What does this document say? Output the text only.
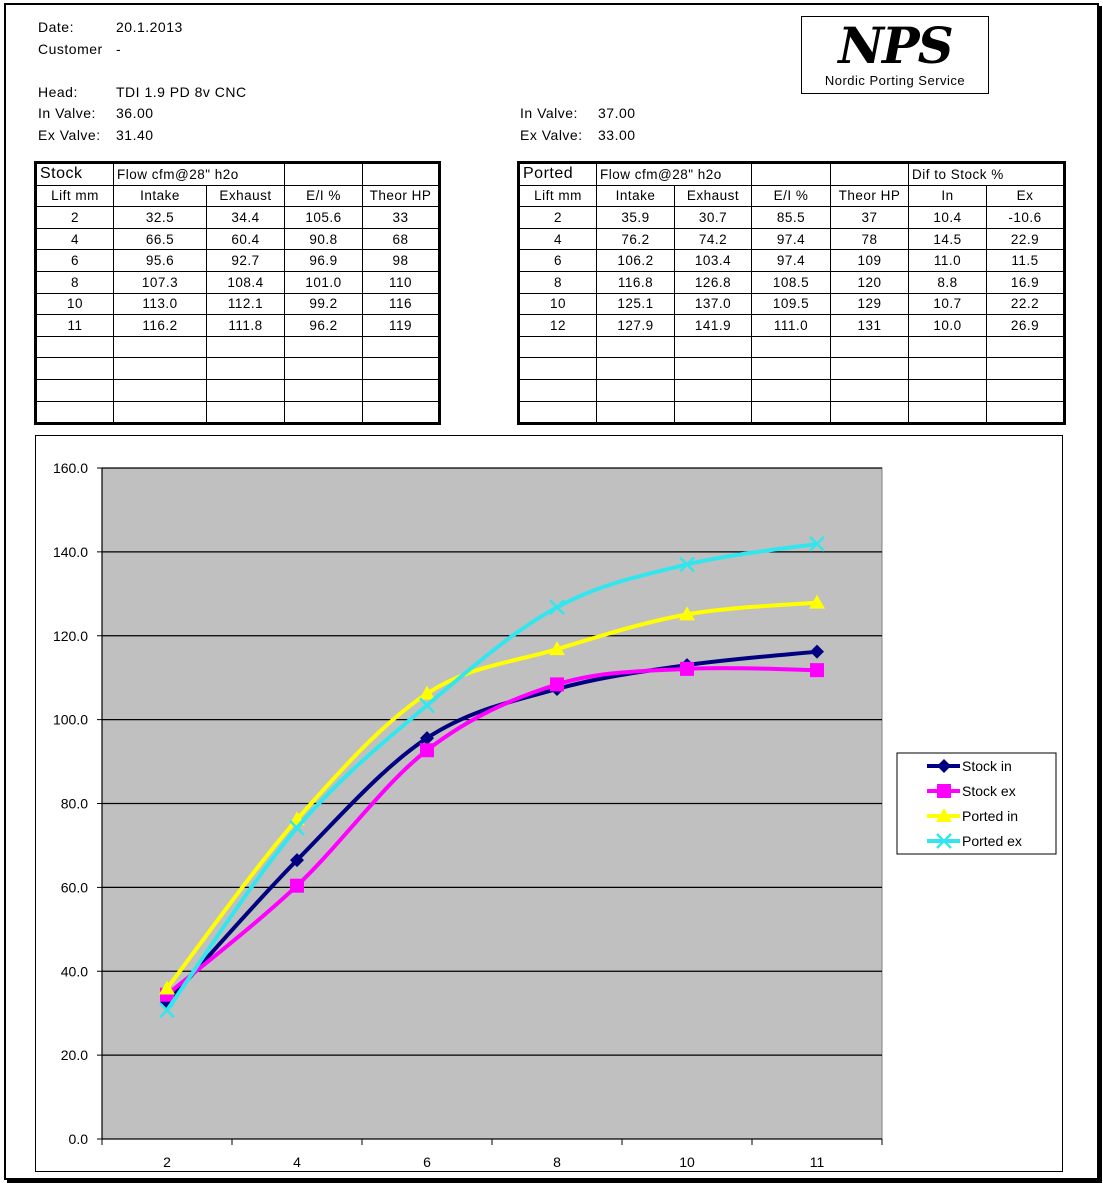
Date:	20.1.2013
Customer -
Head:	TDI 1.9 PD 8v CNC
In Valve: 36.00
Ex Valve: 31.40
In Valve: 37.00
Ex Valve: 33.00
NPS
Nordic Porting Service
Stock	Flow cfm@28" h2o			
Lift mm	Intake	Exhaust	E/I %	Theor HP
2	32.5	34.4	105.6	33
4	66.5	60.4	90.8	68
6	95.6	92.7	96.9	98
8	107.3	108.4	101.0	110
10	113.0	112.1	99.2	116
11	116.2	111.8	96.2	119

Ported	Flow cfm@28" h2o				Dif to Stock %	
Lift mm	Intake	Exhaust	E/I %	Theor HP	In	Ex
2	35.9	30.7	85.5	37	10.4	-10.6
4	76.2	74.2	97.4	78	14.5	22.9
6	106.2	103.4	97.4	109	11.0	11.5
8	116.8	126.8	108.5	120	8.8	16.9
10	125.1	137.0	109.5	129	10.7	22.2
12	127.9	141.9	111.0	131	10.0	26.9

0.0
20.0
40.0
60.0
80.0
100.0
120.0
140.0
160.0
2	4	6	8	10	11
Stock in
Stock ex
Ported in
Ported ex
